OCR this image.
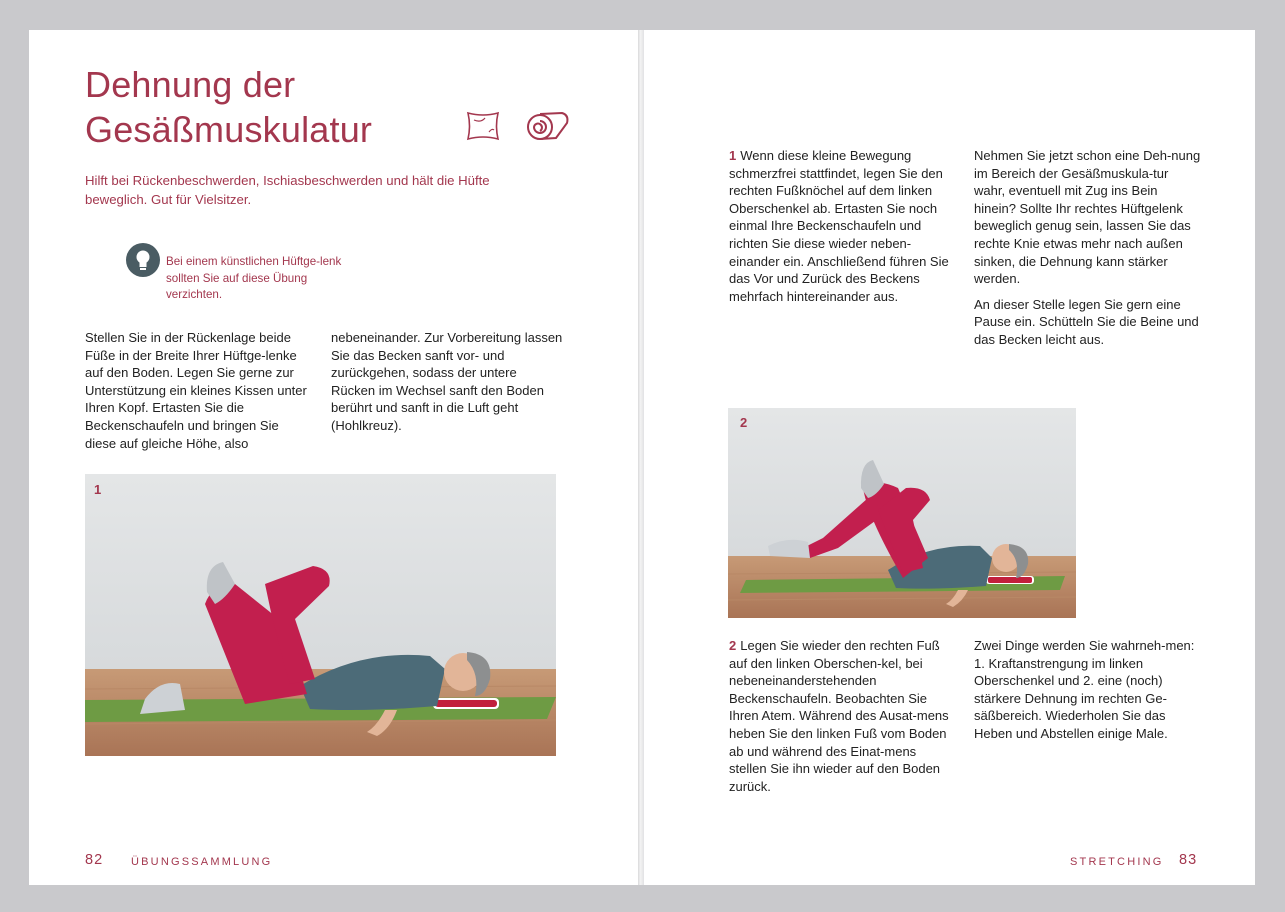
Dehnung der
Gesäßmuskulatur

Hilft bei Rückenbeschwerden, Ischiasbeschwerden und hält die Hüfte beweglich. Gut für Vielsitzer.

Bei einem künstlichen Hüftge-lenk sollten Sie auf diese Übung verzichten.

Stellen Sie in der Rückenlage beide Füße in der Breite Ihrer Hüftge-lenke auf den Boden. Legen Sie gerne zur Unterstützung ein kleines Kissen unter Ihren Kopf. Ertasten Sie die Beckenschaufeln und bringen Sie diese auf gleiche Höhe, also

nebeneinander. Zur Vorbereitung lassen Sie das Becken sanft vor- und zurückgehen, sodass der untere Rücken im Wechsel sanft den Boden berührt und sanft in die Luft geht (Hohlkreuz).

1
82	ÜBUNGSSAMMLUNG

1 Wenn diese kleine Bewegung schmerzfrei stattfindet, legen Sie den rechten Fußknöchel auf dem linken Oberschenkel ab. Ertasten Sie noch einmal Ihre Beckenschaufeln und richten Sie diese wieder neben-einander ein. Anschließend führen Sie das Vor und Zurück des Beckens mehrfach hintereinander aus.

Nehmen Sie jetzt schon eine Deh-nung im Bereich der Gesäßmuskula-tur wahr, eventuell mit Zug ins Bein hinein? Sollte Ihr rechtes Hüftgelenk beweglich genug sein, lassen Sie das rechte Knie etwas mehr nach außen sinken, die Dehnung kann stärker werden.
An dieser Stelle legen Sie gern eine Pause ein. Schütteln Sie die Beine und das Becken leicht aus.
2

2 Legen Sie wieder den rechten Fuß auf den linken Oberschen-kel, bei nebeneinanderstehenden Beckenschaufeln. Beobachten Sie Ihren Atem. Während des Ausat-mens heben Sie den linken Fuß vom Boden ab und während des Einat-mens stellen Sie ihn wieder auf den Boden zurück.

Zwei Dinge werden Sie wahrneh-men: 1. Kraftanstrengung im linken Oberschenkel und 2. eine (noch) stärkere Dehnung im rechten Ge-säßbereich. Wiederholen Sie das Heben und Abstellen einige Male.

STRETCHING 83
